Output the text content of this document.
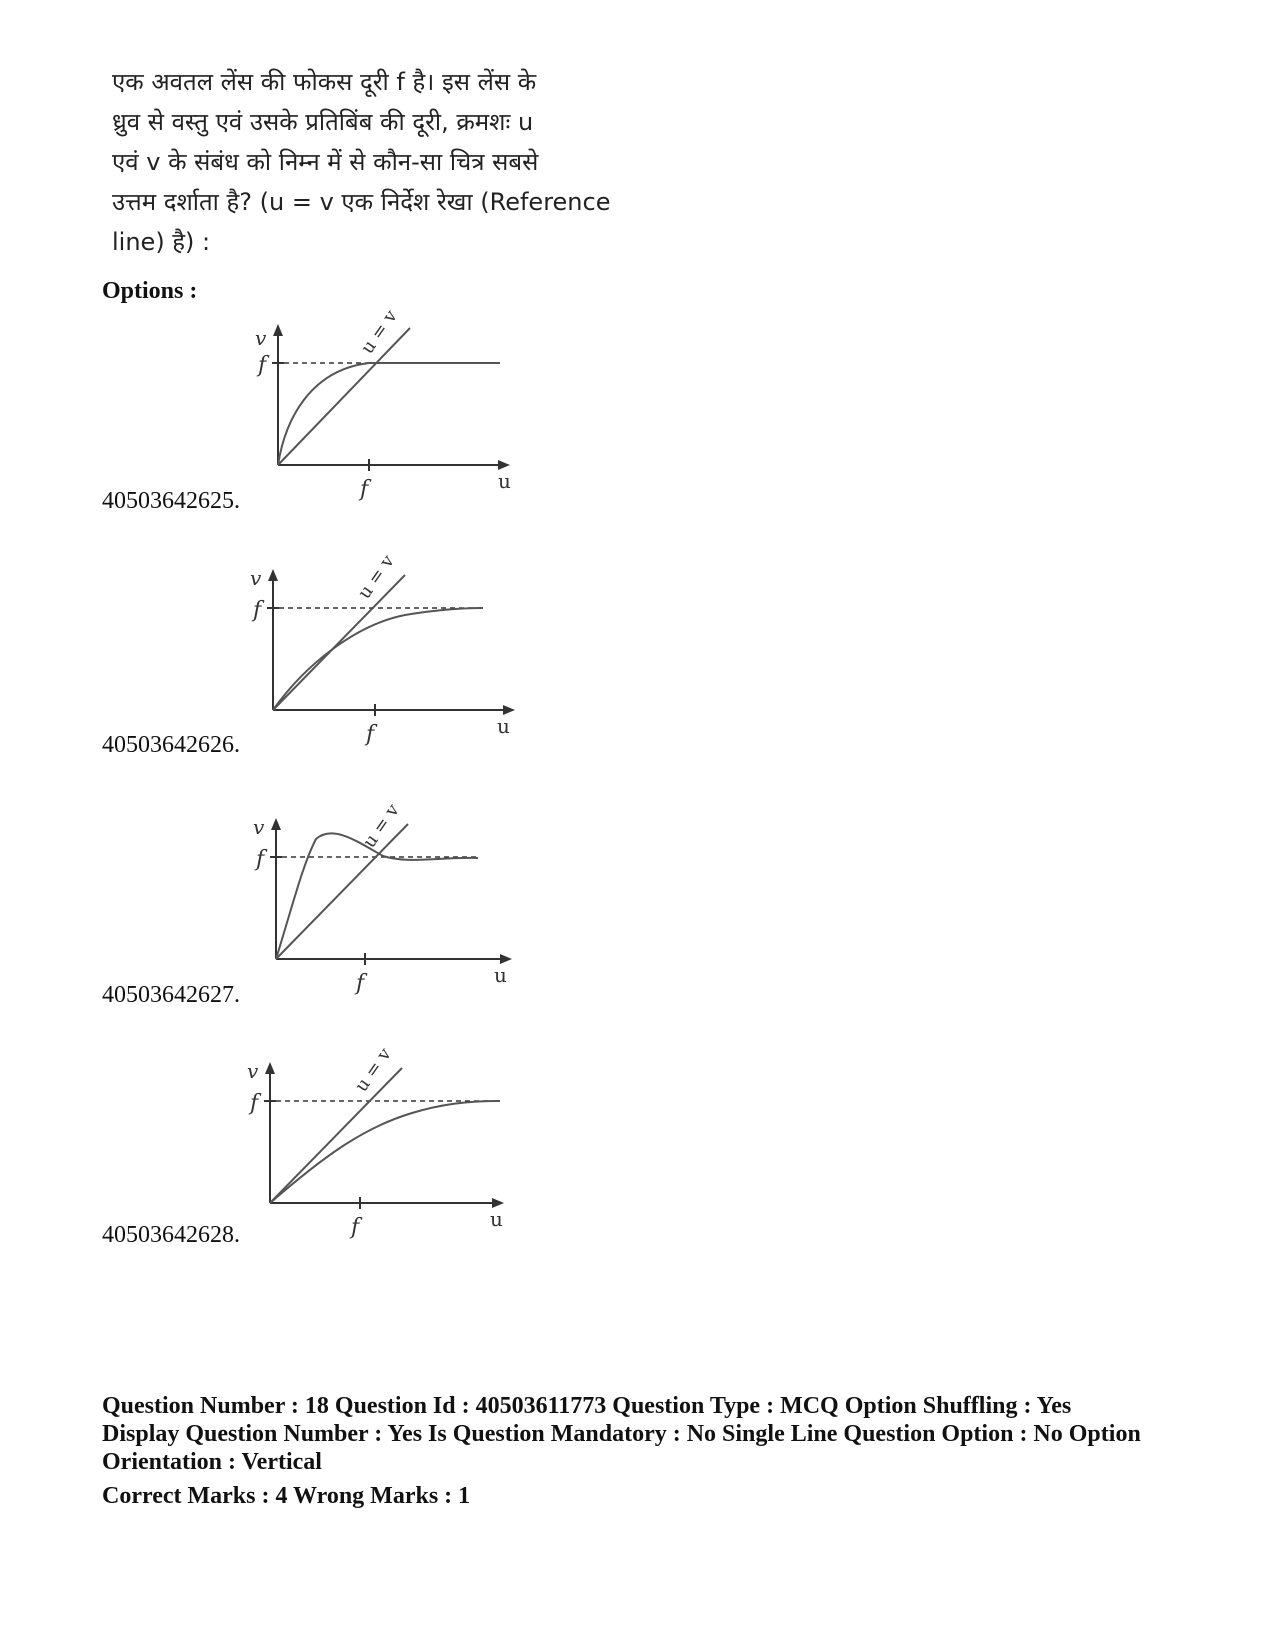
एक अवतल लेंस की फोकस दूरी f है। इस लेंस के
ध्रुव से वस्तु एवं उसके प्रतिबिंब की दूरी, क्रमशः u
एवं v के संबंध को निम्न में से कौन-सा चित्र सबसे
उत्तम दर्शाता है? (u = v एक निर्देश रेखा (Reference
line) है) :
Options :
v
f
u = v
f	u
40503642625.
v
f
u = v
f	u
40503642626.
v
f
u = v
f	u
40503642627.
v
f
u = v
f	u
40503642628.
Question Number : 18 Question Id : 40503611773 Question Type : MCQ Option Shuffling : Yes
Display Question Number : Yes Is Question Mandatory : No Single Line Question Option : No Option
Orientation : Vertical
Correct Marks : 4 Wrong Marks : 1
